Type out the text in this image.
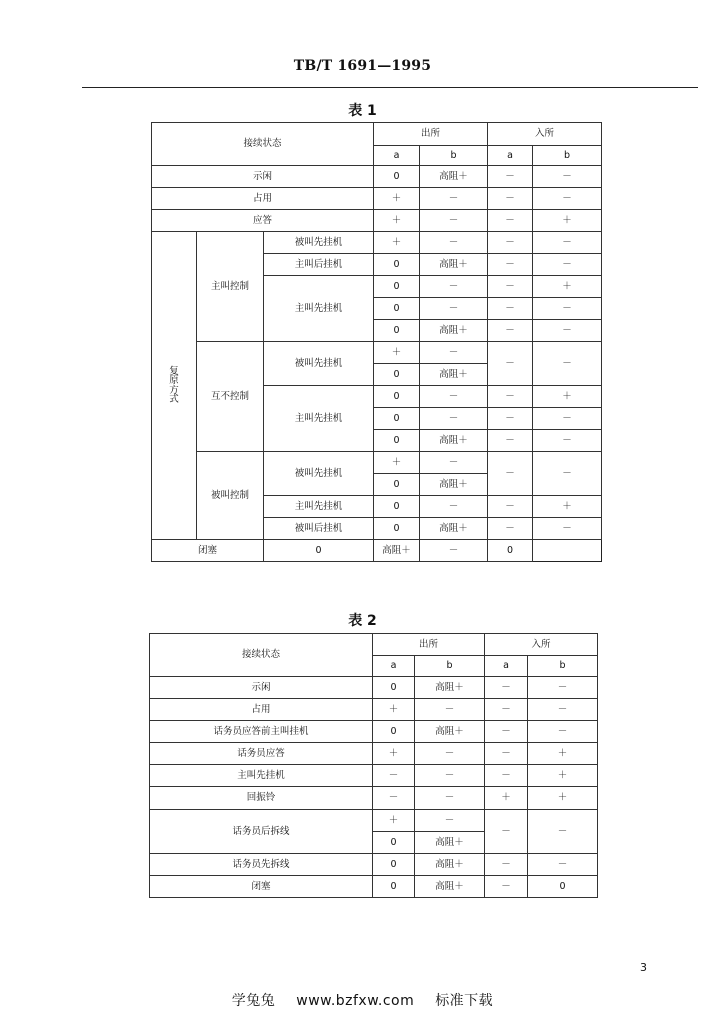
TB/T 1691—1995
表 1
接续状态			出所		入所	
			a	b	a	b
示闲			0	高阻＋	－	－
占用			＋	－	－	－
应答			＋	－	－	＋

复原方式	主叫控制	被叫先挂机	＋	－	－	－
		主叫后挂机	0	高阻＋	－	－
		主叫先挂机	0	－	－	＋
			0	－	－	－
			0	高阻＋	－	－
	互不控制	被叫先挂机	＋	－	－	－
			0	高阻＋		
		主叫先挂机	0	－	－	＋
			0	－	－	－
			0	高阻＋	－	－
	被叫控制	被叫先挂机	＋	－	－	－
			0	高阻＋		
		主叫先挂机	0	－	－	＋
		被叫后挂机	0	高阻＋	－	－
闭塞		0	高阻＋	－	0	
表 2
接续状态	出所		入所	
	a	b	a	b
示闲	0	高阻＋	－	－
占用	＋	－	－	－
话务员应答前主叫挂机	0	高阻＋	－	－
话务员应答	＋	－	－	＋
主叫先挂机	－	－	－	＋
回振铃	－	－	＋	＋
话务员后拆线	＋	－	－	－
	0	高阻＋		
话务员先拆线	0	高阻＋	－	－
闭塞	0	高阻＋	－	0
3
学兔兔 www.bzfxw.com 标准下载
